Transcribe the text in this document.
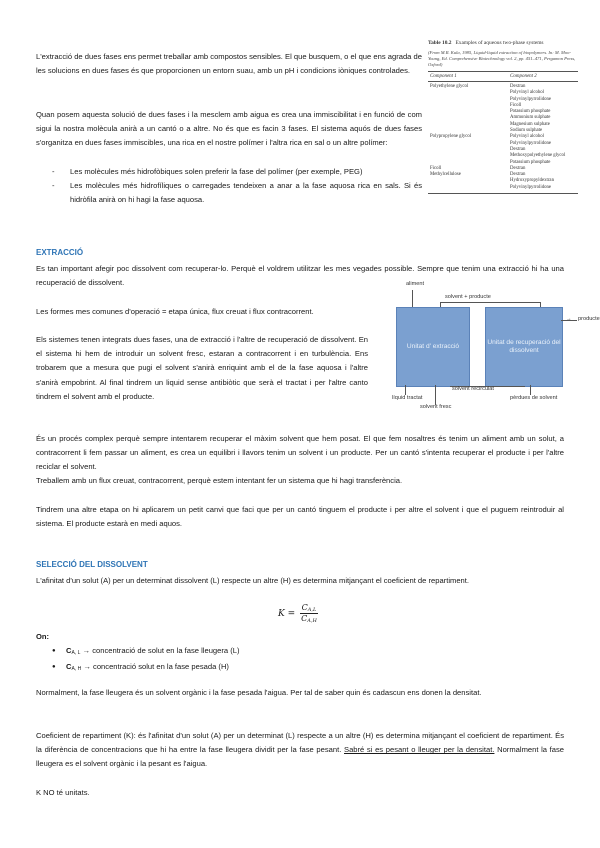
L'extracció de dues fases ens permet treballar amb compostos sensibles. El que busquem, o el que ens agrada de les solucions en dues fases és que proporcionen un entorn suau, amb un pH i condicions iòniques controlades.

Quan posem aquesta solució de dues fases i la mesclem amb aigua es crea una immiscibilitat i en funció de com sigui la nostra molècula anirà a un cantó o a altre. No és que es facin 3 fases. El sistema aquós de dues fases s'organitza en dues fases immiscibles, una rica en el nostre polímer i l'altra rica en sal o un altre polímer:

- Les molècules més hidrofòbiques solen preferir la fase del polímer (per exemple, PEG)
- Les molècules més hidrofíliques o carregades tendeixen a anar a la fase aquosa rica en sals. Si és hidròfila anirà on hi hagi la fase aquosa.
Table 10.2 Examples of aqueous two-phase systems
(From M.R. Kula, 1985, Liquid-liquid extraction of biopolymers. In: M. Moo-Young, Ed. Comprehensive Biotechnology vol. 2, pp. 451–471, Pergamon Press, Oxford)
Component 1	Component 2
Polyethylene glycol	Dextran
Polyvinyl alcohol
Polyvinylpyrrolidone
Ficoll
Potassium phosphate
Ammonium sulphate
Magnesium sulphate
Sodium sulphate
Polypropylene glycol	Polyvinyl alcohol
Polyvinylpyrrolidone
Dextran
Methoxypolyethylene glycol
Potassium phosphate
Ficoll	Dextran
Methylcellulose	Dextran
Hydroxypropyldextran
Polyvinylpyrrolidone

EXTRACCIÓ

Es tan important afegir poc dissolvent com recuperar-lo. Perquè el voldrem utilitzar les mes vegades possible. Sempre que tenim una extracció hi ha una recuperació de dissolvent.

Les formes mes comunes d'operació = etapa única, flux creuat i flux contracorrent.

Els sistemes tenen integrats dues fases, una de extracció i l'altre de recuperació de dissolvent. En el sistema hi hem de introduir un solvent fresc, estaran a contracorrent i en turbulència. Ens trobarem que a mesura que pugi el solvent s'anirà enriquint amb el de la fase aquosa i l'altre s'anirà empobrint. Al final tindrem un liquid sense antibiòtic que serà el tractat i per l'altre canto tindrem el solvent amb el producte.

aliment
solvent + producte
Unitat d' extracció
Unitat de recuperació del dissolvent
→ producte
líquid tractat
solvent recirculat
solvent fresc
pèrdues de solvent

És un procés complex perquè sempre intentarem recuperar el màxim solvent que hem posat. El que fem nosaltres és tenim un aliment amb un solut, a contracorrent li fem passar un aliment, es crea un equilibri i llavors tenim un solvent i un producte. Per un cantó s'intenta recuperar el producte i per l'altre reciclar el solvent.

Treballem amb un flux creuat, contracorrent, perquè estem intentant fer un sistema que hi hagi transferència.

Tindrem una altre etapa on hi aplicarem un petit canvi que faci que per un cantó tinguem el producte i per altre el solvent i que el puguem reintroduir al sistema. El producte estarà en medi aquos.

SELECCIÓ DEL DISSOLVENT

L'afinitat d'un solut (A) per un determinat dissolvent (L) respecte un altre (H) es determina mitjançant el coeficient de repartiment.

$K = \frac{C_{A,L}}{C_{A,H}}$

On:

● $C_{A, L}$ → concentració de solut en la fase lleugera (L)
● $C_{A, H}$ → concentració solut en la fase pesada (H)

Normalment, la fase lleugera és un solvent orgànic i la fase pesada l'aigua. Per tal de saber quin és cadascun ens donen la densitat.

Coeficient de repartiment (K): és l'afinitat d'un solut (A) per un determinat (L) respecte a un altre (H) es determina mitjançant el coeficient de repartiment. És la diferència de concentracions que hi ha entre la fase lleugera dividit per la fase pesant. Sabré si es pesant o lleuger per la densitat. Normalment la fase lleugera es el solvent orgànic i la pesant es l'aigua.

K NO té unitats.
